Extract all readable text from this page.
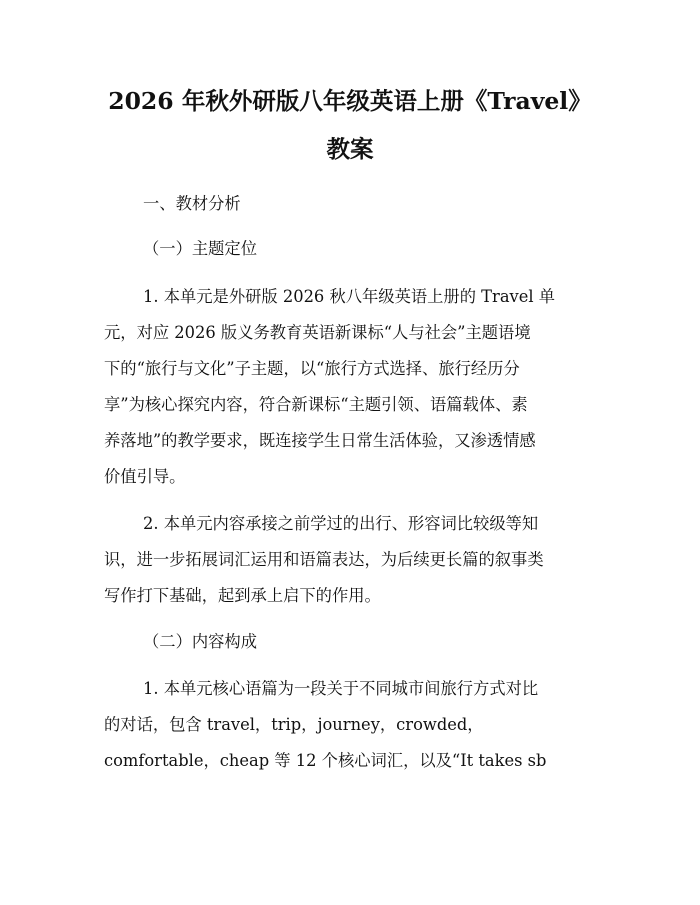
2026 年秋外研版八年级英语上册《Travel》
教案

一、教材分析

（一）主题定位

1. 本单元是外研版 2026 秋八年级英语上册的 Travel 单

元，对应 2026 版义务教育英语新课标“人与社会”主题语境

下的“旅行与文化”子主题，以“旅行方式选择、旅行经历分

享”为核心探究内容，符合新课标“主题引领、语篇载体、素

养落地”的教学要求，既连接学生日常生活体验，又渗透情感

价值引导。

2. 本单元内容承接之前学过的出行、形容词比较级等知

识，进一步拓展词汇运用和语篇表达，为后续更长篇的叙事类

写作打下基础，起到承上启下的作用。

（二）内容构成

1. 本单元核心语篇为一段关于不同城市间旅行方式对比

的对话，包含 travel，trip，journey，crowded，

comfortable，cheap 等 12 个核心词汇，以及“It takes sb
